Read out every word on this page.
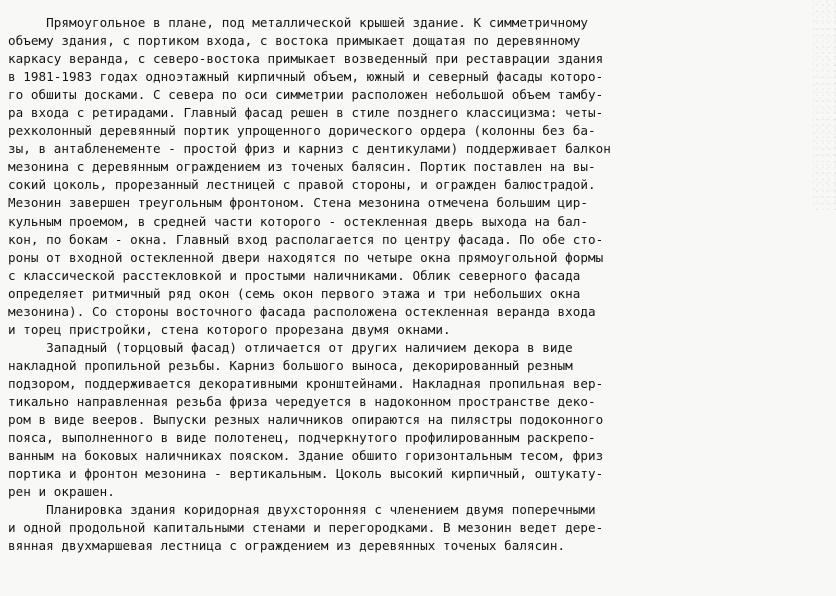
Прямоугольное в плане, под металлической крышей здание. К симметричному
объему здания, с портиком входа, с востока примыкает дощатая по деревянному
каркасу веранда, с северо-востока примыкает возведенный при реставрации здания
в 1981-1983 годах одноэтажный кирпичный объем, южный и северный фасады которо-
го обшиты досками. С севера по оси симметрии расположен небольшой объем тамбу-
ра входа с ретирадами. Главный фасад решен в стиле позднего классицизма: четы-
рехколонный деревянный портик упрощенного дорического ордера (колонны без ба-
зы, в антабленементе - простой фриз и карниз с дентикулами) поддерживает балкон
мезонина с деревянным ограждением из точеных балясин. Портик поставлен на вы-
сокий цоколь, прорезанный лестницей с правой стороны, и огражден балюстрадой.
Мезонин завершен треугольным фронтоном. Стена мезонина отмечена большим цир-
кульным проемом, в средней части которого - остекленная дверь выхода на бал-
кон, по бокам - окна. Главный вход располагается по центру фасада. По обе сто-
роны от входной остекленной двери находятся по четыре окна прямоугольной формы
с классической расстекловкой и простыми наличниками. Облик северного фасада
определяет ритмичный ряд окон (семь окон первого этажа и три небольших окна
мезонина). Со стороны восточного фасада расположена остекленная веранда входа
и торец пристройки, стена которого прорезана двумя окнами.
Западный (торцовый фасад) отличается от других наличием декора в виде
накладной пропильной резьбы. Карниз большого выноса, декорированный резным
подзором, поддерживается декоративными кронштейнами. Накладная пропильная вер-
тикально направленная резьба фриза чередуется в надоконном пространстве деко-
ром в виде вееров. Выпуски резных наличников опираются на пилястры подоконного
пояса, выполненного в виде полотенец, подчеркнутого профилированным раскрепо-
ванным на боковых наличниках пояском. Здание обшито горизонтальным тесом, фриз
портика и фронтон мезонина - вертикальным. Цоколь высокий кирпичный, оштукату-
рен и окрашен.
Планировка здания коридорная двухсторонняя с членением двумя поперечными
и одной продольной капитальными стенами и перегородками. В мезонин ведет дере-
вянная двухмаршевая лестница с ограждением из деревянных точеных балясин.
